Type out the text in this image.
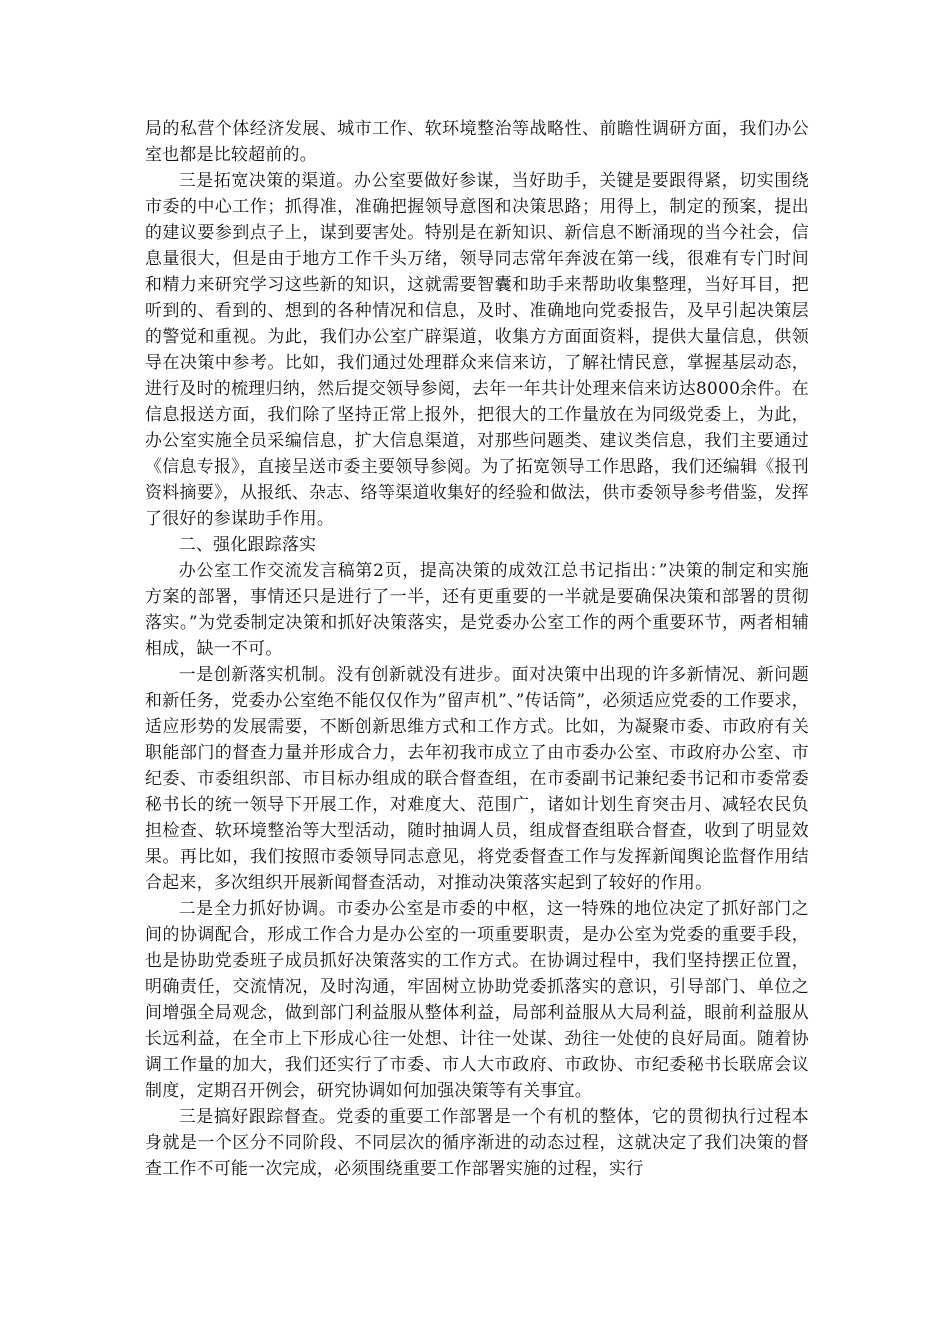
局的私营个体经济发展、城市工作、软环境整治等战略性、前瞻性调研方面，我们办公室也都是比较超前的。

三是拓宽决策的渠道。办公室要做好参谋，当好助手，关键是要跟得紧，切实围绕市委的中心工作；抓得准，准确把握领导意图和决策思路；用得上，制定的预案，提出的建议要参到点子上，谋到要害处。特别是在新知识、新信息不断涌现的当今社会，信息量很大，但是由于地方工作千头万绪，领导同志常年奔波在第一线，很难有专门时间和精力来研究学习这些新的知识，这就需要智囊和助手来帮助收集整理，当好耳目，把听到的、看到的、想到的各种情况和信息，及时、准确地向党委报告，及早引起决策层的警觉和重视。为此，我们办公室广辟渠道，收集方方面面资料，提供大量信息，供领导在决策中参考。比如，我们通过处理群众来信来访，了解社情民意，掌握基层动态，进行及时的梳理归纳，然后提交领导参阅，去年一年共计处理来信来访达8000余件。在信息报送方面，我们除了坚持正常上报外，把很大的工作量放在为同级党委上，为此，办公室实施全员采编信息，扩大信息渠道，对那些问题类、建议类信息，我们主要通过《信息专报》，直接呈送市委主要领导参阅。为了拓宽领导工作思路，我们还编辑《报刊资料摘要》，从报纸、杂志、络等渠道收集好的经验和做法，供市委领导参考借鉴，发挥了很好的参谋助手作用。

二、强化跟踪落实

办公室工作交流发言稿第2页，提高决策的成效江总书记指出：”决策的制定和实施方案的部署，事情还只是进行了一半，还有更重要的一半就是要确保决策和部署的贯彻落实。”为党委制定决策和抓好决策落实，是党委办公室工作的两个重要环节，两者相辅相成，缺一不可。

一是创新落实机制。没有创新就没有进步。面对决策中出现的许多新情况、新问题和新任务，党委办公室绝不能仅仅作为”留声机”、”传话筒”，必须适应党委的工作要求，适应形势的发展需要，不断创新思维方式和工作方式。比如，为凝聚市委、市政府有关职能部门的督查力量并形成合力，去年初我市成立了由市委办公室、市政府办公室、市纪委、市委组织部、市目标办组成的联合督查组，在市委副书记兼纪委书记和市委常委秘书长的统一领导下开展工作，对难度大、范围广，诸如计划生育突击月、减轻农民负担检查、软环境整治等大型活动，随时抽调人员，组成督查组联合督查，收到了明显效果。再比如，我们按照市委领导同志意见，将党委督查工作与发挥新闻舆论监督作用结合起来，多次组织开展新闻督查活动，对推动决策落实起到了较好的作用。

二是全力抓好协调。市委办公室是市委的中枢，这一特殊的地位决定了抓好部门之间的协调配合，形成工作合力是办公室的一项重要职责，是办公室为党委的重要手段，也是协助党委班子成员抓好决策落实的工作方式。在协调过程中，我们坚持摆正位置，明确责任，交流情况，及时沟通，牢固树立协助党委抓落实的意识，引导部门、单位之间增强全局观念，做到部门利益服从整体利益，局部利益服从大局利益，眼前利益服从长远利益，在全市上下形成心往一处想、计往一处谋、劲往一处使的良好局面。随着协调工作量的加大，我们还实行了市委、市人大市政府、市政协、市纪委秘书长联席会议制度，定期召开例会，研究协调如何加强决策等有关事宜。

三是搞好跟踪督查。党委的重要工作部署是一个有机的整体，它的贯彻执行过程本身就是一个区分不同阶段、不同层次的循序渐进的动态过程，这就决定了我们决策的督查工作不可能一次完成，必须围绕重要工作部署实施的过程，实行
